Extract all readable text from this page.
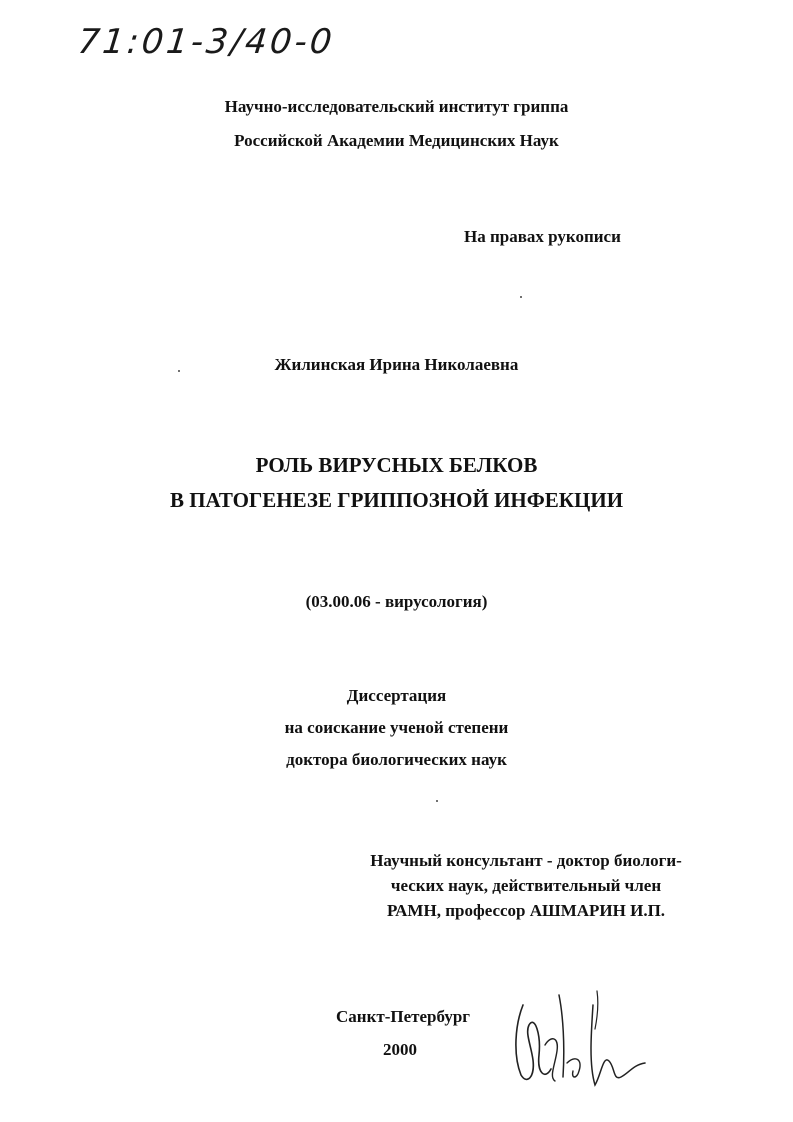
71:01-3/40-0
Научно-исследовательский институт гриппа
Российской Академии Медицинских Наук
На правах рукописи
Жилинская Ирина Николаевна
РОЛЬ ВИРУСНЫХ БЕЛКОВ
В ПАТОГЕНЕЗЕ ГРИППОЗНОЙ ИНФЕКЦИИ
(03.00.06 - вирусология)
Диссертация
на соискание ученой степени
доктора биологических наук
Научный консультант - доктор биологи-
ческих наук, действительный член
РАМН, профессор АШМАРИН И.П.
Санкт-Петербург
2000
